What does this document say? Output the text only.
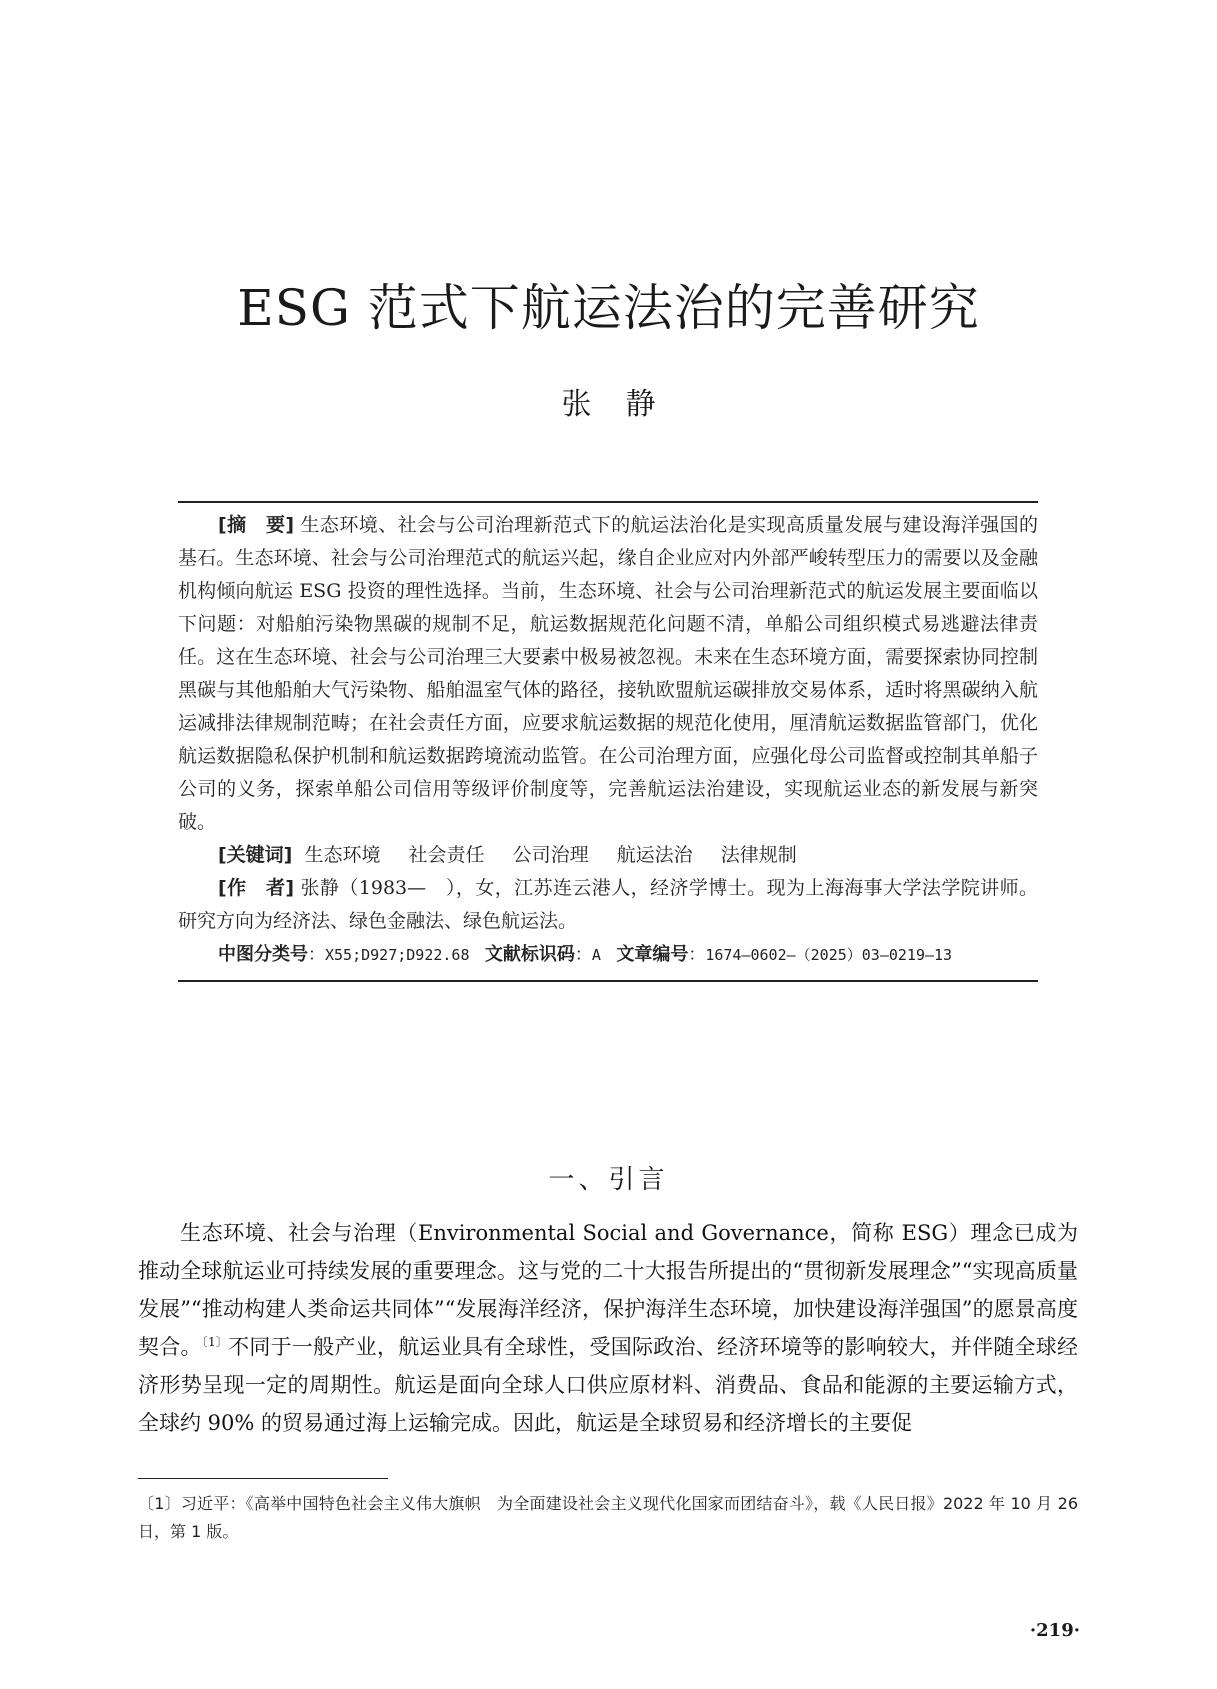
ESG 范式下航运法治的完善研究
张静

[摘　要] 生态环境、社会与公司治理新范式下的航运法治化是实现高质量发展与建设海洋强国的基石。生态环境、社会与公司治理范式的航运兴起，缘自企业应对内外部严峻转型压力的需要以及金融机构倾向航运 ESG 投资的理性选择。当前，生态环境、社会与公司治理新范式的航运发展主要面临以下问题：对船舶污染物黑碳的规制不足，航运数据规范化问题不清，单船公司组织模式易逃避法律责任。这在生态环境、社会与公司治理三大要素中极易被忽视。未来在生态环境方面，需要探索协同控制黑碳与其他船舶大气污染物、船舶温室气体的路径，接轨欧盟航运碳排放交易体系，适时将黑碳纳入航运减排法律规制范畴；在社会责任方面，应要求航运数据的规范化使用，厘清航运数据监管部门，优化航运数据隐私保护机制和航运数据跨境流动监管。在公司治理方面，应强化母公司监督或控制其单船子公司的义务，探索单船公司信用等级评价制度等，完善航运法治建设，实现航运业态的新发展与新突破。

[关键词] 生态环境 社会责任 公司治理 航运法治 法律规制

[作　者] 张静（1983—　），女，江苏连云港人，经济学博士。现为上海海事大学法学院讲师。研究方向为经济法、绿色金融法、绿色航运法。

中图分类号：X55;D927;D922.68 文献标识码：A 文章编号：1674—0602—（2025）03—0219—13

一、引言

生态环境、社会与治理（Environmental Social and Governance，简称 ESG）理念已成为推动全球航运业可持续发展的重要理念。这与党的二十大报告所提出的“贯彻新发展理念”“实现高质量发展”“推动构建人类命运共同体”“发展海洋经济，保护海洋生态环境，加快建设海洋强国”的愿景高度契合。$^{〔1〕}$不同于一般产业，航运业具有全球性，受国际政治、经济环境等的影响较大，并伴随全球经济形势呈现一定的周期性。航运是面向全球人口供应原材料、消费品、食品和能源的主要运输方式，全球约 90% 的贸易通过海上运输完成。因此，航运是全球贸易和经济增长的主要促

〔1〕习近平：《高举中国特色社会主义伟大旗帜　为全面建设社会主义现代化国家而团结奋斗》，载《人民日报》2022 年 10 月 26 日，第 1 版。

·219·
